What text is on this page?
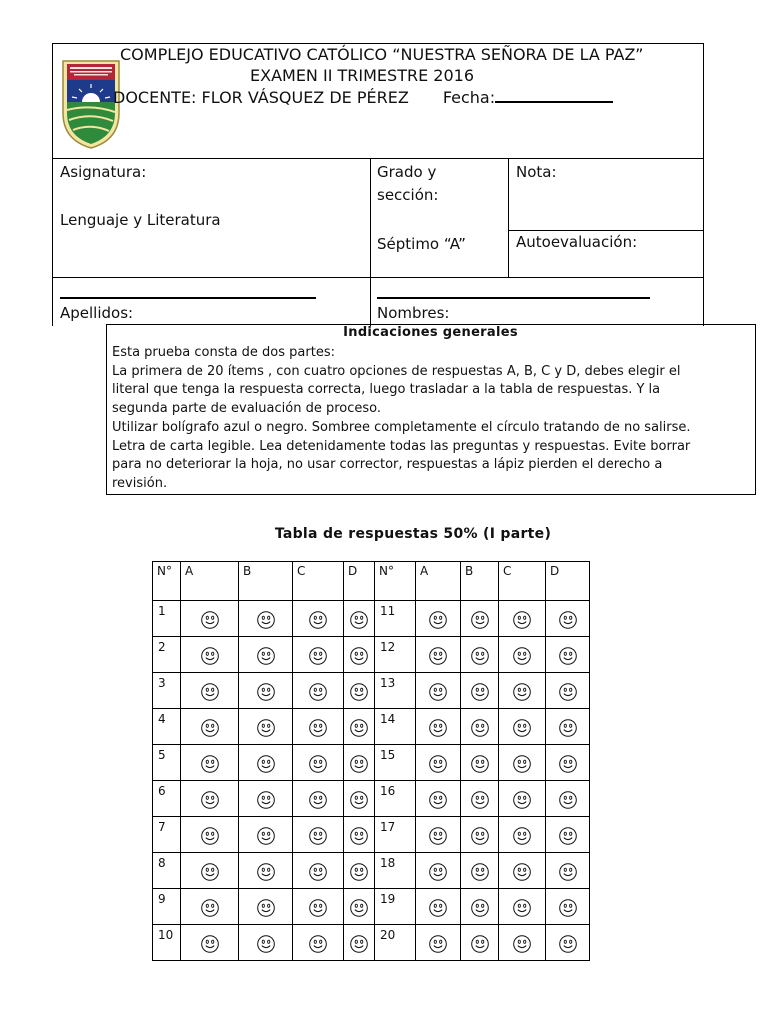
COMPLEJO EDUCATIVO CATÓLICO “NUESTRA SEÑORA DE LA PAZ”
EXAMEN II TRIMESTRE 2016
DOCENTE: FLOR VÁSQUEZ DE PÉREZ Fecha:
Asignatura:
Lenguaje y Literatura
Grado y
sección:
Séptimo “A”
Nota:
Autoevaluación:
Apellidos:	Nombres:
Indicaciones generales
Esta prueba consta de dos partes:
La primera de 20 ítems , con cuatro opciones de respuestas A, B, C y D, debes elegir el
literal que tenga la respuesta correcta, luego trasladar a la tabla de respuestas. Y la
segunda parte de evaluación de proceso.
Utilizar bolígrafo azul o negro. Sombree completamente el círculo tratando de no salirse.
Letra de carta legible. Lea detenidamente todas las preguntas y respuestas. Evite borrar
para no deteriorar la hoja, no usar corrector, respuestas a lápiz pierden el derecho a
revisión.
Tabla de respuestas 50% (I parte)
N°	A	B	C	D	N°	A	B	C	D

1					11

2					12

3					13

4					14

5					15

6					16

7					17

8					18

9					19

10					20
